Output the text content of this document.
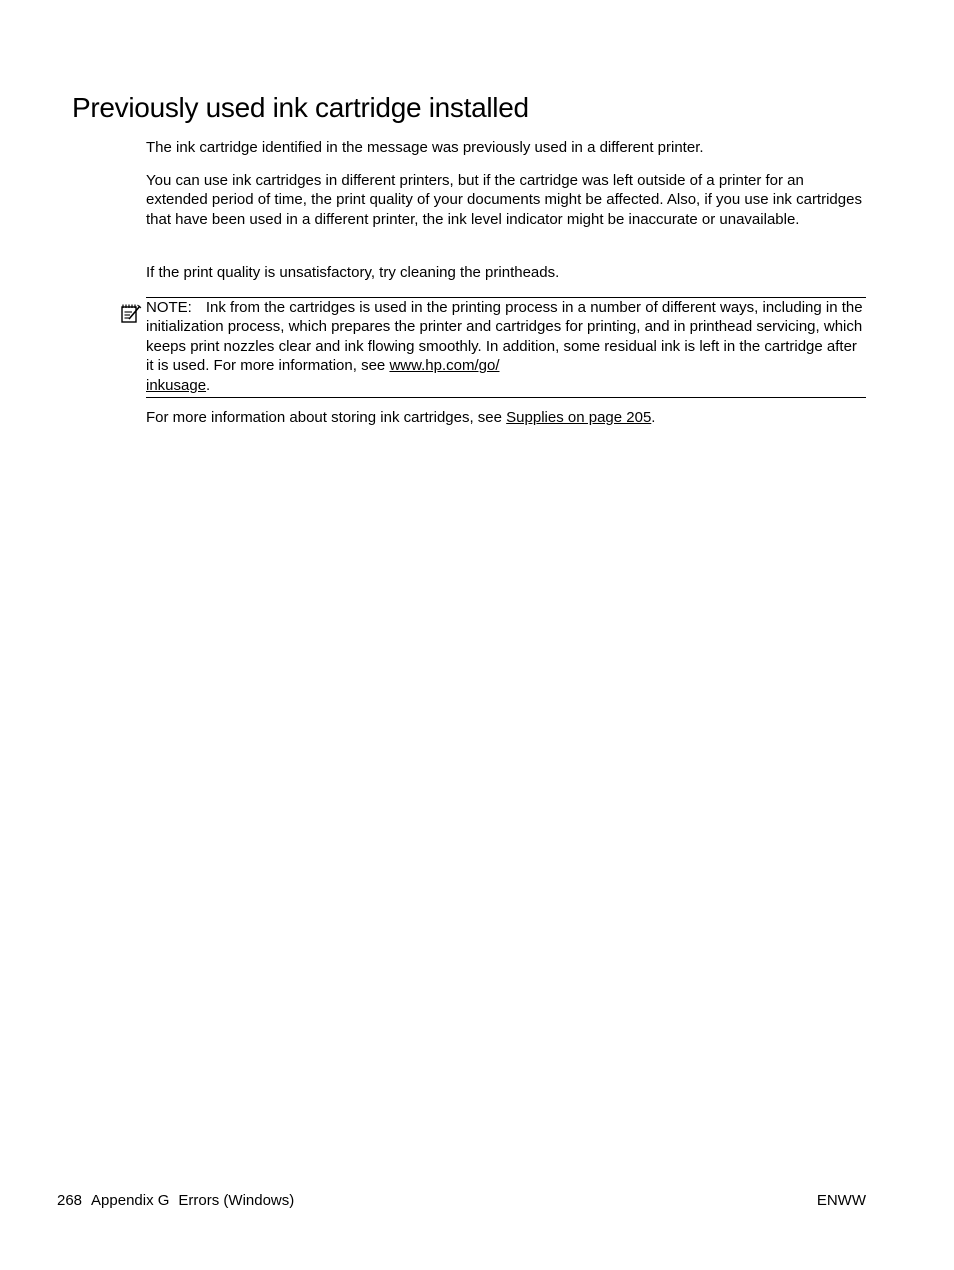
Previously used ink cartridge installed

The ink cartridge identified in the message was previously used in a different printer.

You can use ink cartridges in different printers, but if the cartridge was left outside of a printer for an extended period of time, the print quality of your documents might be affected. Also, if you use ink cartridges that have been used in a different printer, the ink level indicator might be inaccurate or unavailable.

If the print quality is unsatisfactory, try cleaning the printheads.

NOTE: Ink from the cartridges is used in the printing process in a number of different ways, including in the initialization process, which prepares the printer and cartridges for printing, and in printhead servicing, which keeps print nozzles clear and ink flowing smoothly. In addition, some residual ink is left in the cartridge after it is used. For more information, see www.hp.com/go/
inkusage.

For more information about storing ink cartridges, see Supplies on page 205.

268 Appendix G Errors (Windows)	ENWW
